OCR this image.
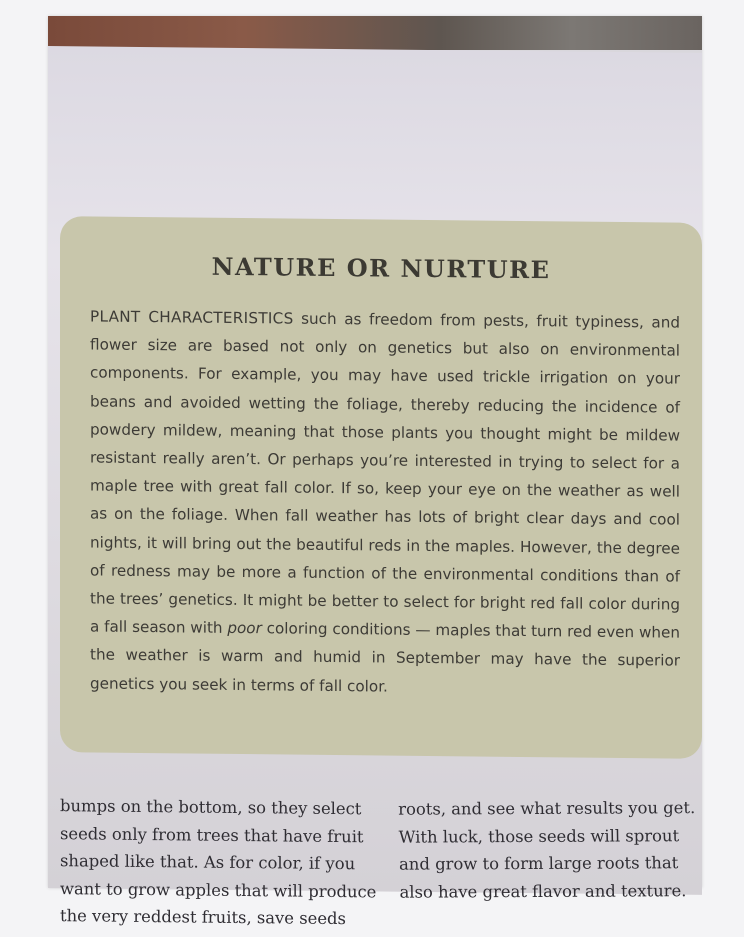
NATURE OR NURTURE

PLANT CHARACTERISTICS such as freedom from pests, fruit typiness, and flower size are based not only on genetics but also on environmental components. For example, you may have used trickle irrigation on your beans and avoided wetting the foliage, thereby reducing the incidence of powdery mildew, meaning that those plants you thought might be mildew resistant really aren’t. Or perhaps you’re interested in trying to select for a maple tree with great fall color. If so, keep your eye on the weather as well as on the foliage. When fall weather has lots of bright clear days and cool nights, it will bring out the beautiful reds in the maples. However, the degree of redness may be more a function of the environmental conditions than of the trees’ genetics. It might be better to select for bright red fall color during a fall season with poor coloring conditions — maples that turn red even when the weather is warm and humid in September may have the superior genetics you seek in terms of fall color.

bumps on the bottom, so they select
seeds only from trees that have fruit
shaped like that. As for color, if you
want to grow apples that will produce
the very reddest fruits, save seeds

roots, and see what results you get.
With luck, those seeds will sprout
and grow to form large roots that
also have great flavor and texture.
